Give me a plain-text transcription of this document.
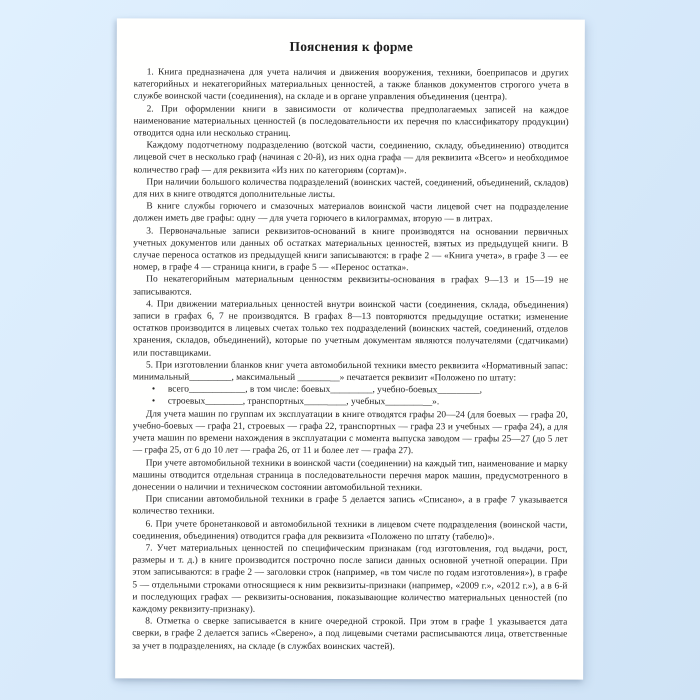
Пояснения к форме
1. Книга предназначена для учета наличия и движения вооружения, техники, боеприпасов и других категорийных и некатегорийных материальных ценностей, а также бланков документов строгого учета в службе воинской части (соединения), на складе и в органе управления объединения (центра).
2. При оформлении книги в зависимости от количества предполагаемых записей на каждое наименование материальных ценностей (в последовательности их перечня по классификатору продукции) отводится одна или несколько страниц.
Каждому подотчетному подразделению (вотской части, соединению, складу, объединению) отводится лицевой счет в несколько граф (начиная с 20-й), из них одна графа — для реквизита «Всего» и необходимое количество граф — для реквизита «Из них по категориям (сортам)».
При наличии большого количества подразделений (воинских частей, соединений, объединений, складов) для них в книге отводятся дополнительные листы.
В книге службы горючего и смазочных материалов воинской части лицевой счет на подразделение должен иметь две графы: одну — для учета горючего в килограммах, вторую — в литрах.
3. Первоначальные записи реквизитов-оснований в книге производятся на основании первичных учетных документов или данных об остатках материальных ценностей, взятых из предыдущей книги. В случае переноса остатков из предыдущей книги записываются: в графе 2 — «Книга учета», в графе 3 — ее номер, в графе 4 — страница книги, в графе 5 — «Перенос остатка».
По некатегорийным материальным ценностям реквизиты-основания в графах 9—13 и 15—19 не записываются.
4. При движении материальных ценностей внутри воинской части (соединения, склада, объединения) записи в графах 6, 7 не производятся. В графах 8—13 повторяются предыдущие остатки; изменение остатков производится в лицевых счетах только тех подразделений (воинских частей, соединений, отделов хранения, складов, объединений), которые по учетным документам являются получателями (сдатчиками) или поставщиками.
5. При изготовлении бланков книг учета автомобильной техники вместо реквизита «Нормативный запас: минимальный_________, максимальный _________» печатается реквизит «Положено по штату:
• всего____________, в том числе: боевых_________, учебно-боевых_________,
• строевых________, транспортных_________, учебных__________».
Для учета машин по группам их эксплуатации в книге отводятся графы 20—24 (для боевых — графа 20, учебно-боевых — графа 21, строевых — графа 22, транспортных — графа 23 и учебных — графа 24), а для учета машин по времени нахождения в эксплуатации с момента выпуска заводом — графы 25—27 (до 5 лет — графа 25, от 6 до 10 лет — графа 26, от 11 и более лет — графа 27).
При учете автомобильной техники в воинской части (соединении) на каждый тип, наименование и марку машины отводится отдельная страница в последовательности перечня марок машин, предусмотренного в донесении о наличии и техническом состоянии автомобильной техники.
При списании автомобильной техники в графе 5 делается запись «Списано», а в графе 7 указывается количество техники.
6. При учете бронетанковой и автомобильной техники в лицевом счете подразделения (воинской части, соединения, объединения) отводится графа для реквизита «Положено по штату (табелю)».
7. Учет материальных ценностей по специфическим признакам (год изготовления, год выдачи, рост, размеры и т. д.) в книге производится построчно после записи данных основной учетной операции. При этом записываются: в графе 2 — заголовки строк (например, «в том числе по годам изготовления»), в графе 5 — отдельными строками относящиеся к ним реквизиты-признаки (например, «2009 г.», «2012 г.»), а в 6-й и последующих графах — реквизиты-основания, показывающие количество материальных ценностей (по каждому реквизиту-признаку).
8. Отметка о сверке записывается в книге очередной строкой. При этом в графе 1 указывается дата сверки, в графе 2 делается запись «Сверено», а под лицевыми счетами расписываются лица, ответственные за учет в подразделениях, на складе (в службах воинских частей).
